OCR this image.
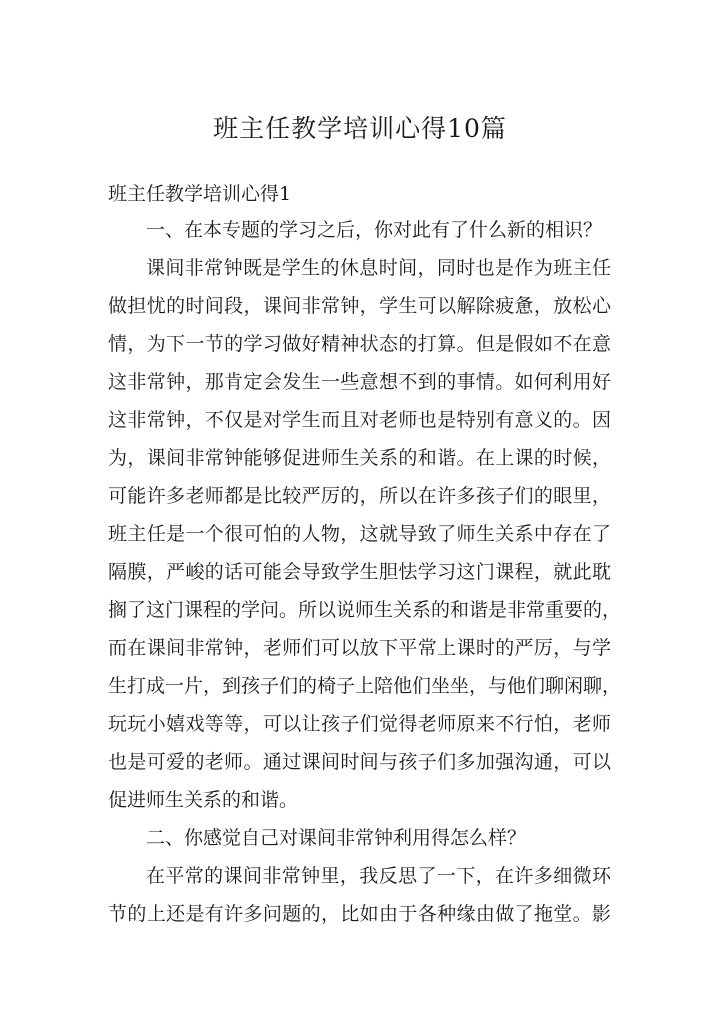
班主任教学培训心得10篇
班主任教学培训心得1
一、在本专题的学习之后，你对此有了什么新的相识？
课间非常钟既是学生的休息时间，同时也是作为班主任
做担忧的时间段，课间非常钟，学生可以解除疲惫，放松心
情，为下一节的学习做好精神状态的打算。但是假如不在意
这非常钟，那肯定会发生一些意想不到的事情。如何利用好
这非常钟，不仅是对学生而且对老师也是特别有意义的。因
为，课间非常钟能够促进师生关系的和谐。在上课的时候，
可能许多老师都是比较严厉的，所以在许多孩子们的眼里，
班主任是一个很可怕的人物，这就导致了师生关系中存在了
隔膜，严峻的话可能会导致学生胆怯学习这门课程，就此耽
搁了这门课程的学问。所以说师生关系的和谐是非常重要的，
而在课间非常钟，老师们可以放下平常上课时的严厉，与学
生打成一片，到孩子们的椅子上陪他们坐坐，与他们聊闲聊，
玩玩小嬉戏等等，可以让孩子们觉得老师原来不行怕，老师
也是可爱的老师。通过课间时间与孩子们多加强沟通，可以
促进师生关系的和谐。
二、你感觉自己对课间非常钟利用得怎么样？
在平常的课间非常钟里，我反思了一下，在许多细微环
节的上还是有许多问题的，比如由于各种缘由做了拖堂。影
